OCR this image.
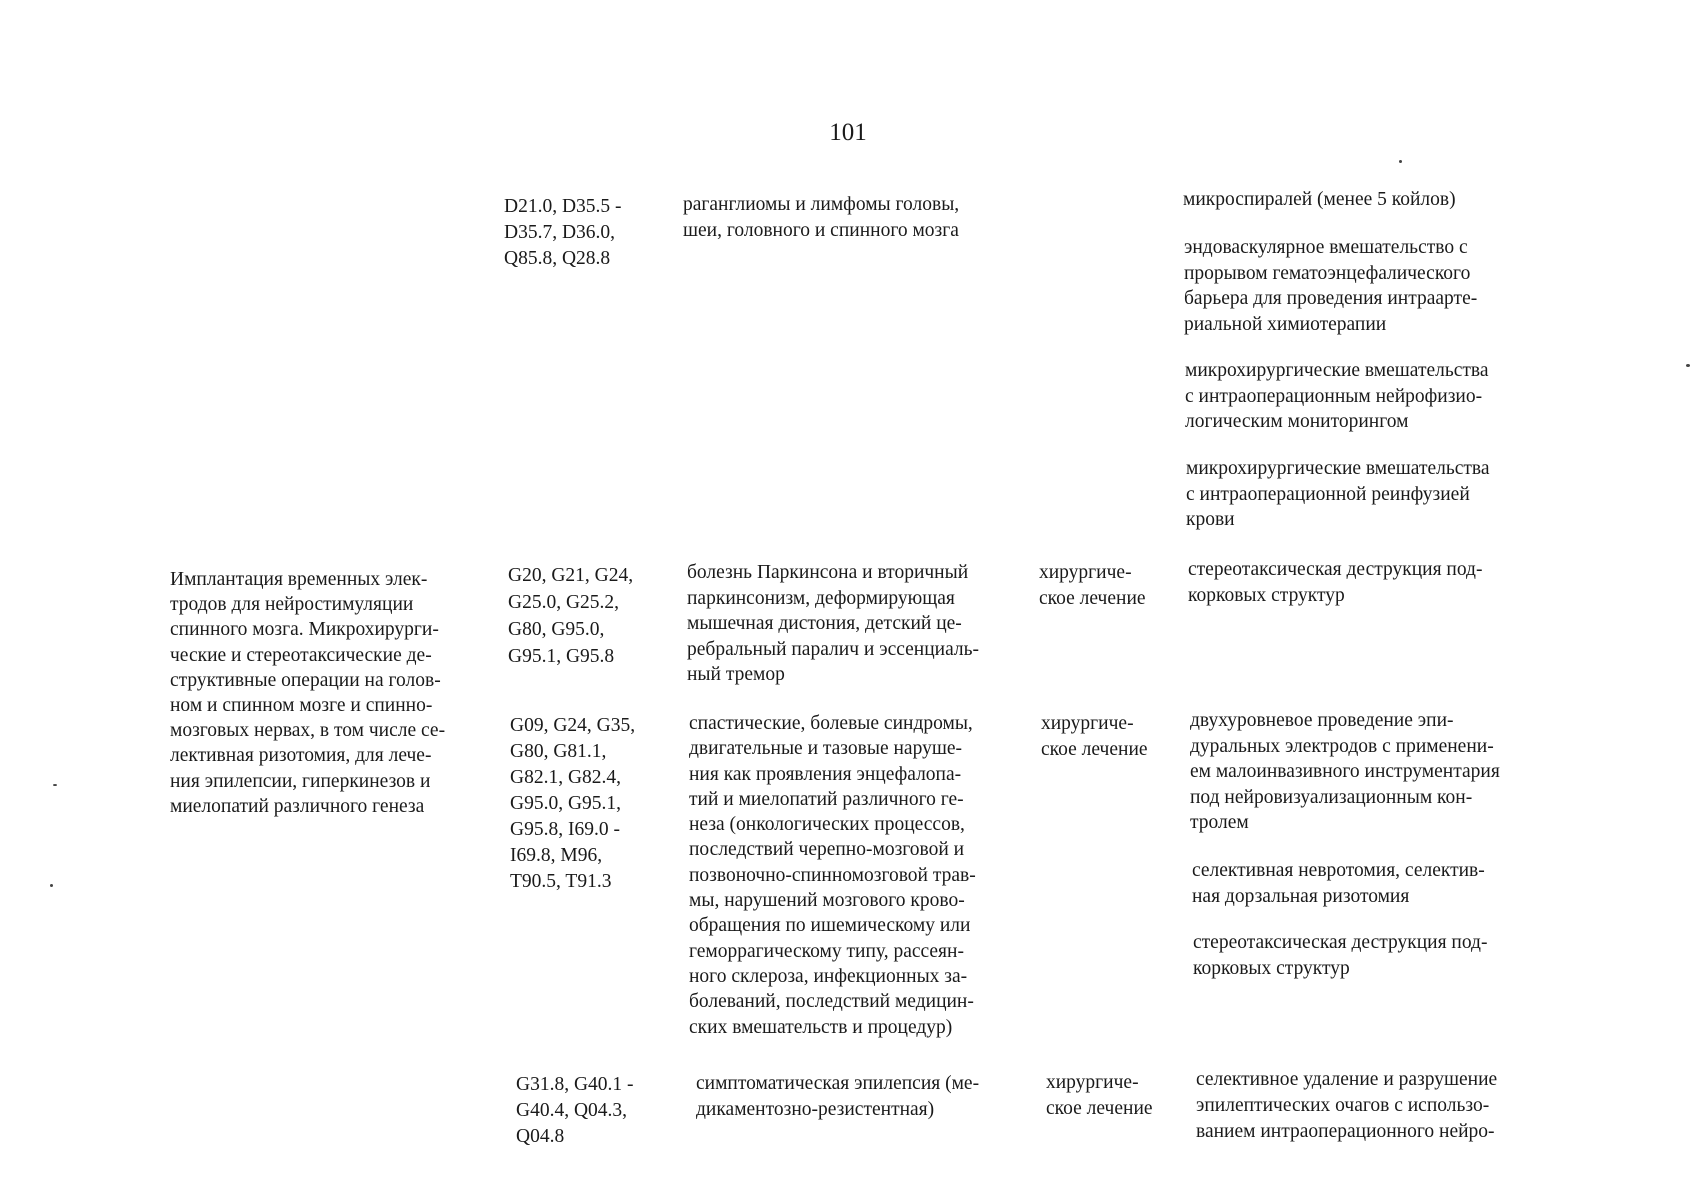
101
D21.0, D35.5 -
D35.7, D36.0,
Q85.8, Q28.8
раганглиомы и лимфомы головы,
шеи, головного и спинного мозга
микроспиралей (менее 5 койлов)
эндоваскулярное вмешательство с
прорывом гематоэнцефалического
барьера для проведения интраарте-
риальной химиотерапии
микрохирургические вмешательства
с интраоперационным нейрофизио-
логическим мониторингом
микрохирургические вмешательства
с интраоперационной реинфузией
крови
Имплантация временных элек-
тродов для нейростимуляции
спинного мозга. Микрохирурги-
ческие и стереотаксические де-
структивные операции на голов-
ном и спинном мозге и спинно-
мозговых нервах, в том числе се-
лективная ризотомия, для лече-
ния эпилепсии, гиперкинезов и
миелопатий различного генеза
G20, G21, G24,
G25.0, G25.2,
G80, G95.0,
G95.1, G95.8
болезнь Паркинсона и вторичный
паркинсонизм, деформирующая
мышечная дистония, детский це-
ребральный паралич и эссенциаль-
ный тремор
хирургиче-
ское лечение
стереотаксическая деструкция под-
корковых структур
G09, G24, G35,
G80, G81.1,
G82.1, G82.4,
G95.0, G95.1,
G95.8, I69.0 -
I69.8, M96,
T90.5, T91.3
спастические, болевые синдромы,
двигательные и тазовые наруше-
ния как проявления энцефалопа-
тий и миелопатий различного ге-
неза (онкологических процессов,
последствий черепно-мозговой и
позвоночно-спинномозговой трав-
мы, нарушений мозгового крово-
обращения по ишемическому или
геморрагическому типу, рассеян-
ного склероза, инфекционных за-
болеваний, последствий медицин-
ских вмешательств и процедур)
хирургиче-
ское лечение
двухуровневое проведение эпи-
дуральных электродов с применени-
ем малоинвазивного инструментария
под нейровизуализационным кон-
тролем
селективная невротомия, селектив-
ная дорзальная ризотомия
стереотаксическая деструкция под-
корковых структур
G31.8, G40.1 -
G40.4, Q04.3,
Q04.8
симптоматическая эпилепсия (ме-
дикаментозно-резистентная)
хирургиче-
ское лечение
селективное удаление и разрушение
эпилептических очагов с использо-
ванием интраоперационного нейро-
